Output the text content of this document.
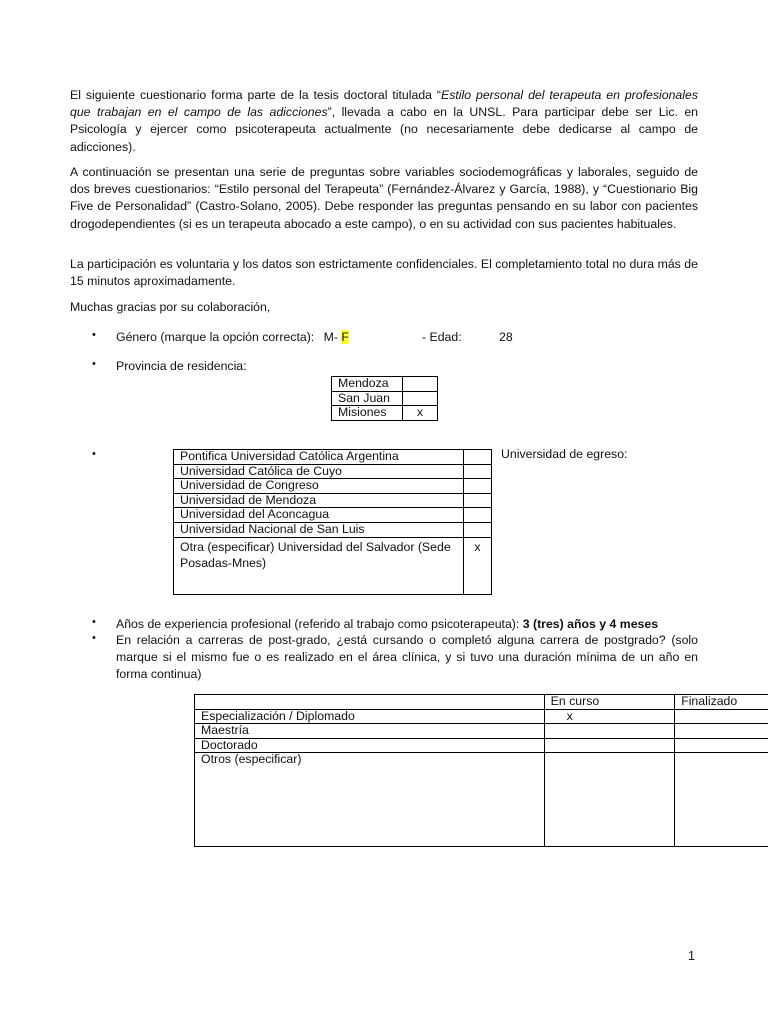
El siguiente cuestionario forma parte de la tesis doctoral titulada “Estilo personal del terapeuta en profesionales que trabajan en el campo de las adicciones”, llevada a cabo en la UNSL. Para participar debe ser Lic. en Psicología y ejercer como psicoterapeuta actualmente (no necesariamente debe dedicarse al campo de adicciones).

A continuación se presentan una serie de preguntas sobre variables sociodemográficas y laborales, seguido de dos breves cuestionarios: “Estilo personal del Terapeuta” (Fernández-Álvarez y García, 1988), y “Cuestionario Big Five de Personalidad” (Castro-Solano, 2005). Debe responder las preguntas pensando en su labor con pacientes drogodependientes (si es un terapeuta abocado a este campo), o en su actividad con sus pacientes habituales.

La participación es voluntaria y los datos son estrictamente confidenciales. El completamiento total no dura más de 15 minutos aproximadamente.

Muchas gracias por su colaboración,

• Género (marque la opción correcta): M- F	- Edad:	28
• Provincia de residencia:

Mendoza	
San Juan	
Misiones	x
•	Universidad de egreso:
Pontifica Universidad Católica Argentina	
Universidad Católica de Cuyo	
Universidad de Congreso	
Universidad de Mendoza	
Universidad del Aconcagua	
Universidad Nacional de San Luis	
Otra (especificar) Universidad del Salvador (Sede Posadas-Mnes)	x
• Años de experiencia profesional (referido al trabajo como psicoterapeuta): 3 (tres) años y 4 meses

• En relación a carreras de post-grado, ¿está cursando o completó alguna carrera de postgrado? (solo marque si el mismo fue o es realizado en el área clínica, y si tuvo una duración mínima de un año en forma continua)

	En curso	Finalizado
Especialización / Diplomado	x	
Maestría		
Doctorado		
Otros (especificar)		
1
